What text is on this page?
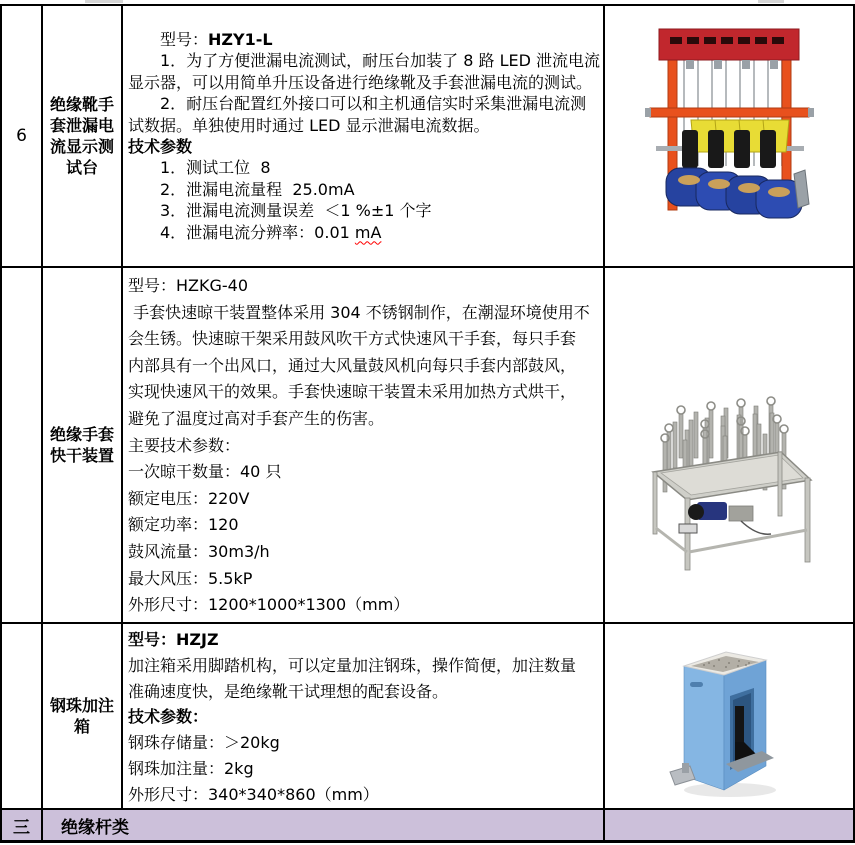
6
绝缘靴手套泄漏电流显示测试台
　　型号：HZY1-L
　　1．为了方便泄漏电流测试，耐压台加装了 8 路 LED 泄流电流
显示器，可以用简单升压设备进行绝缘靴及手套泄漏电流的测试。
　　2．耐压台配置红外接口可以和主机通信实时采集泄漏电流测
试数据。单独使用时通过 LED 显示泄漏电流数据。
技术参数
　　1．测试工位  8
　　2．泄漏电流量程  25.0mA
　　3．泄漏电流测量误差  ＜1 %±1 个字
　　4．泄漏电流分辨率：0.01 mA
绝缘手套快干装置
型号：HZKG-40
手套快速晾干装置整体采用 304 不锈钢制作，在潮湿环境使用不
会生锈。快速晾干架采用鼓风吹干方式快速风干手套，每只手套
内部具有一个出风口，通过大风量鼓风机向每只手套内部鼓风，
实现快速风干的效果。手套快速晾干装置未采用加热方式烘干，
避免了温度过高对手套产生的伤害。
主要技术参数：
一次晾干数量：40 只
额定电压：220V
额定功率：120
鼓风流量：30m3/h
最大风压：5.5kP
外形尺寸：1200*1000*1300（mm）
钢珠加注箱
型号：HZJZ
加注箱采用脚踏机构，可以定量加注钢珠，操作简便，加注数量
准确速度快，是绝缘靴干试理想的配套设备。
技术参数：
钢珠存储量：＞20kg
钢珠加注量：2kg
外形尺寸：340*340*860（mm）
三	绝缘杆类
